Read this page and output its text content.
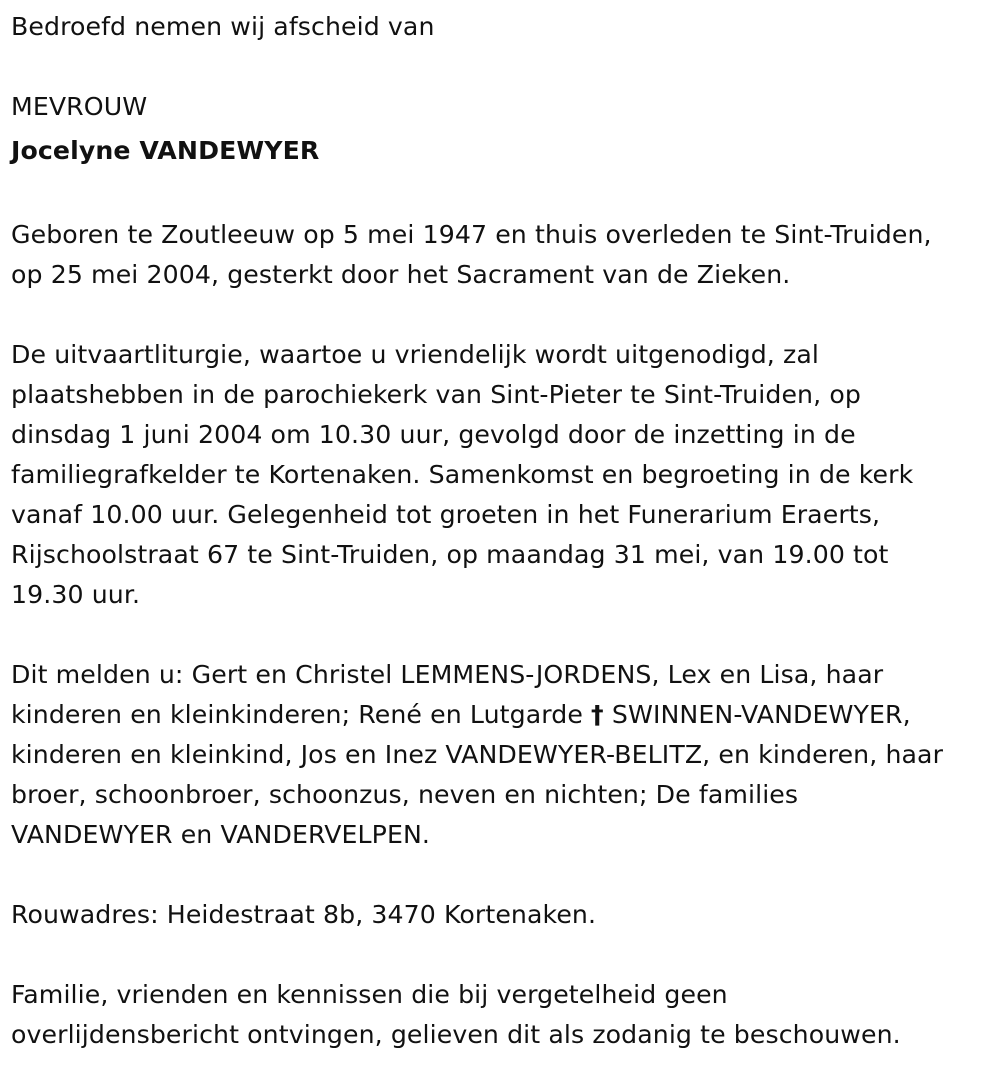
Bedroefd nemen wij afscheid van
MEVROUW
Jocelyne VANDEWYER
Geboren te Zoutleeuw op 5 mei 1947 en thuis overleden te Sint-Truiden,
op 25 mei 2004, gesterkt door het Sacrament van de Zieken.
De uitvaartliturgie, waartoe u vriendelijk wordt uitgenodigd, zal
plaatshebben in de parochiekerk van Sint-Pieter te Sint-Truiden, op
dinsdag 1 juni 2004 om 10.30 uur, gevolgd door de inzetting in de
familiegrafkelder te Kortenaken. Samenkomst en begroeting in de kerk
vanaf 10.00 uur. Gelegenheid tot groeten in het Funerarium Eraerts,
Rijschoolstraat 67 te Sint-Truiden, op maandag 31 mei, van 19.00 tot
19.30 uur.
Dit melden u: Gert en Christel LEMMENS-JORDENS, Lex en Lisa, haar
kinderen en kleinkinderen; René en Lutgarde † SWINNEN-VANDEWYER,
kinderen en kleinkind, Jos en Inez VANDEWYER-BELITZ, en kinderen, haar
broer, schoonbroer, schoonzus, neven en nichten; De families
VANDEWYER en VANDERVELPEN.
Rouwadres: Heidestraat 8b, 3470 Kortenaken.
Familie, vrienden en kennissen die bij vergetelheid geen
overlijdensbericht ontvingen, gelieven dit als zodanig te beschouwen.
